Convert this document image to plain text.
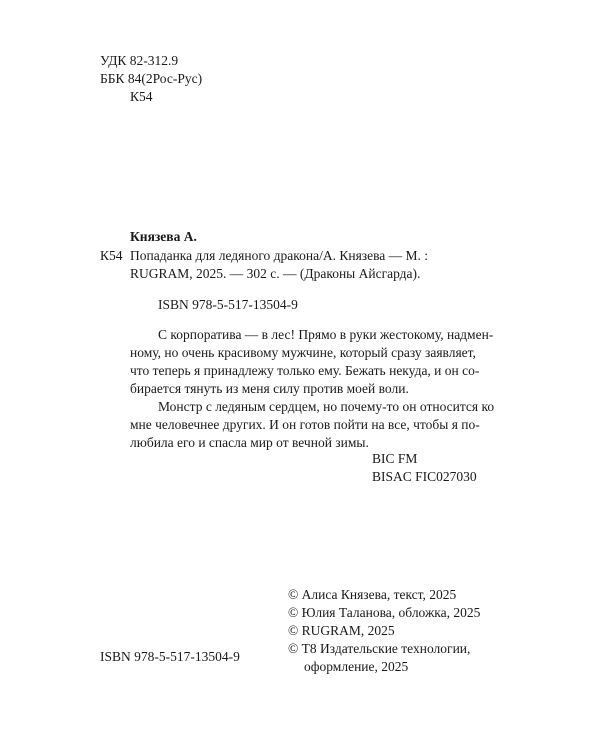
УДК 82-312.9
ББК 84(2Рос-Рус)
К54
Князева А.
К54 Попаданка для ледяного дракона/А. Князева — М. :
RUGRAM, 2025. — 302 с. — (Драконы Айсгарда).
ISBN 978-5-517-13504-9
С корпоратива — в лес! Прямо в руки жестокому, надмен-
ному, но очень красивому мужчине, который сразу заявляет,
что теперь я принадлежу только ему. Бежать некуда, и он со-
бирается тянуть из меня силу против моей воли.
Монстр с ледяным сердцем, но почему-то он относится ко
мне человечнее других. И он готов пойти на все, чтобы я по-
любила его и спасла мир от вечной зимы.
BIC FM
BISAC FIC027030
ISBN 978-5-517-13504-9
© Алиса Князева, текст, 2025
© Юлия Таланова, обложка, 2025
© RUGRAM, 2025
© Т8 Издательские технологии,
оформление, 2025
